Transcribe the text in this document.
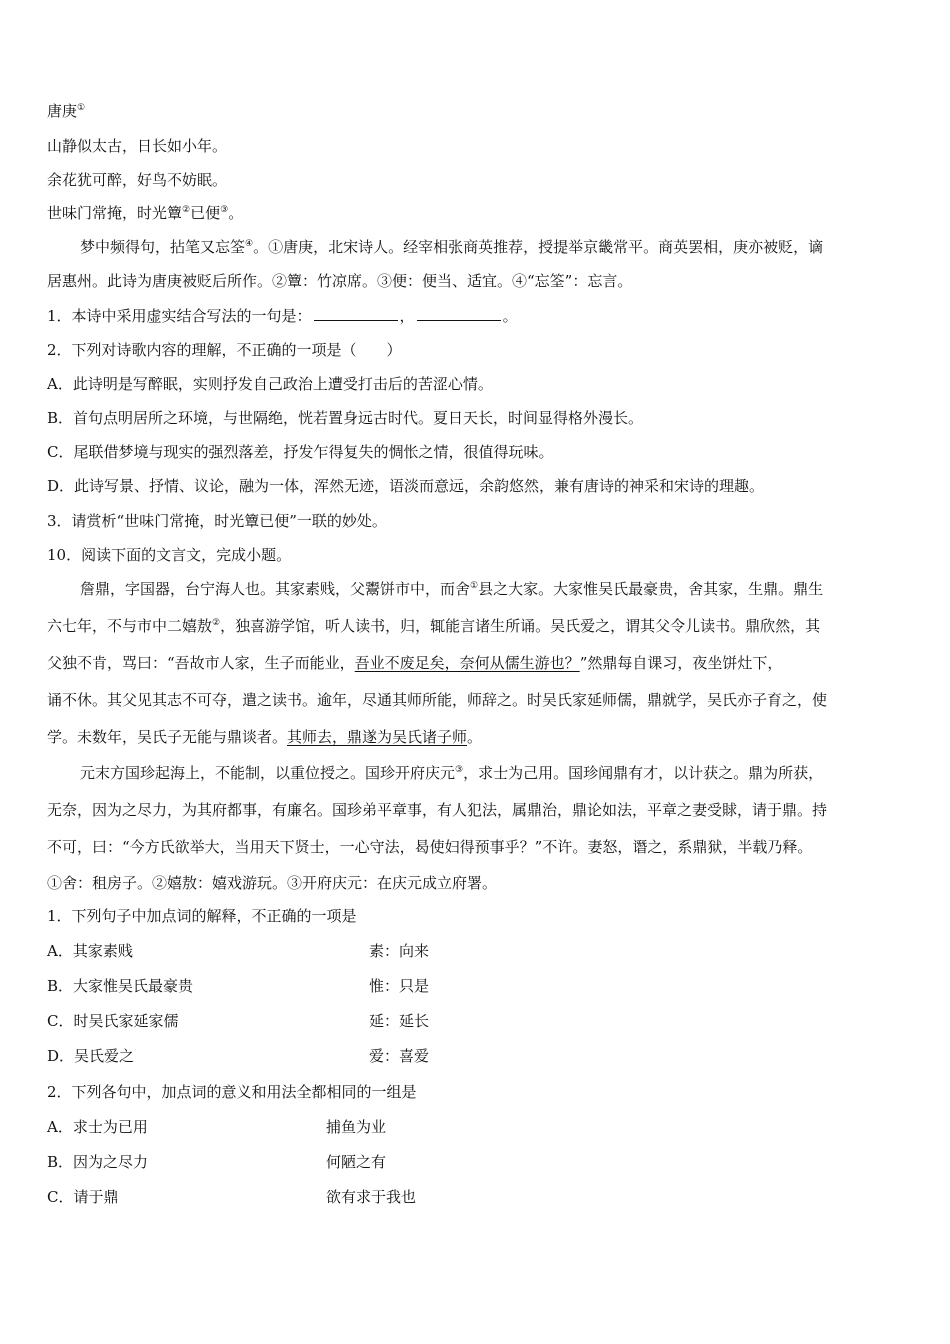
唐庚①
山静似太古，日长如小年。
余花犹可醉，好鸟不妨眠。
世味门常掩，时光簟②已便③。
梦中频得句，拈笔又忘筌④。①唐庚，北宋诗人。经宰相张商英推荐，授提举京畿常平。商英罢相，庚亦被贬，谪
居惠州。此诗为唐庚被贬后所作。②簟：竹凉席。③便：便当、适宜。④“忘筌”：忘言。
1．本诗中采用虚实结合写法的一句是：	，	。
2．下列对诗歌内容的理解，不正确的一项是（ ）
A．此诗明是写醉眠，实则抒发自己政治上遭受打击后的苦涩心情。
B．首句点明居所之环境，与世隔绝，恍若置身远古时代。夏日天长，时间显得格外漫长。
C．尾联借梦境与现实的强烈落差，抒发乍得复失的惆怅之情，很值得玩味。
D．此诗写景、抒情、议论，融为一体，浑然无迹，语淡而意远，余韵悠然，兼有唐诗的神采和宋诗的理趣。
3．请赏析“世味门常掩，时光簟已便”一联的妙处。
10．阅读下面的文言文，完成小题。
詹鼎，字国器，台宁海人也。其家素贱，父鬻饼市中，而舍①县之大家。大家惟吴氏最豪贵，舍其家，生鼎。鼎生
六七年，不与市中二嬉敖②，独喜游学馆，听人读书，归，辄能言诸生所诵。吴氏爱之，谓其父令儿读书。鼎欣然，其
父独不肯，骂曰：“吾故市人家，生子而能业，吾业不废足矣，奈何从儒生游也？”然鼎每自课习，夜坐饼灶下，
诵不休。其父见其志不可夺，遣之读书。逾年，尽通其师所能，师辞之。时吴氏家延师儒，鼎就学，吴氏亦子育之，使
学。未数年，吴氏子无能与鼎谈者。其师去，鼎遂为吴氏诸子师。
元末方国珍起海上，不能制，以重位授之。国珍开府庆元③，求士为己用。国珍闻鼎有才，以计获之。鼎为所获，
无奈，因为之尽力，为其府都事，有廉名。国珍弟平章事，有人犯法，属鼎治，鼎论如法，平章之妻受賕，请于鼎。持
不可，曰：“今方氏欲举大，当用天下贤士，一心守法，曷使妇得预事乎？”不许。妻怒，谮之，系鼎狱，半载乃释。
①舍：租房子。②嬉敖：嬉戏游玩。③开府庆元：在庆元成立府署。
1．下列句子中加点词的解释，不正确的一项是
A．其家素贱	素：向来
B．大家惟吴氏最豪贵	惟：只是
C．时吴氏家延家儒	延：延长
D．吴氏爱之	爱：喜爱
2．下列各句中，加点词的意义和用法全都相同的一组是
A．求士为已用	捕鱼为业
B．因为之尽力	何陋之有
C．请于鼎	欲有求于我也
